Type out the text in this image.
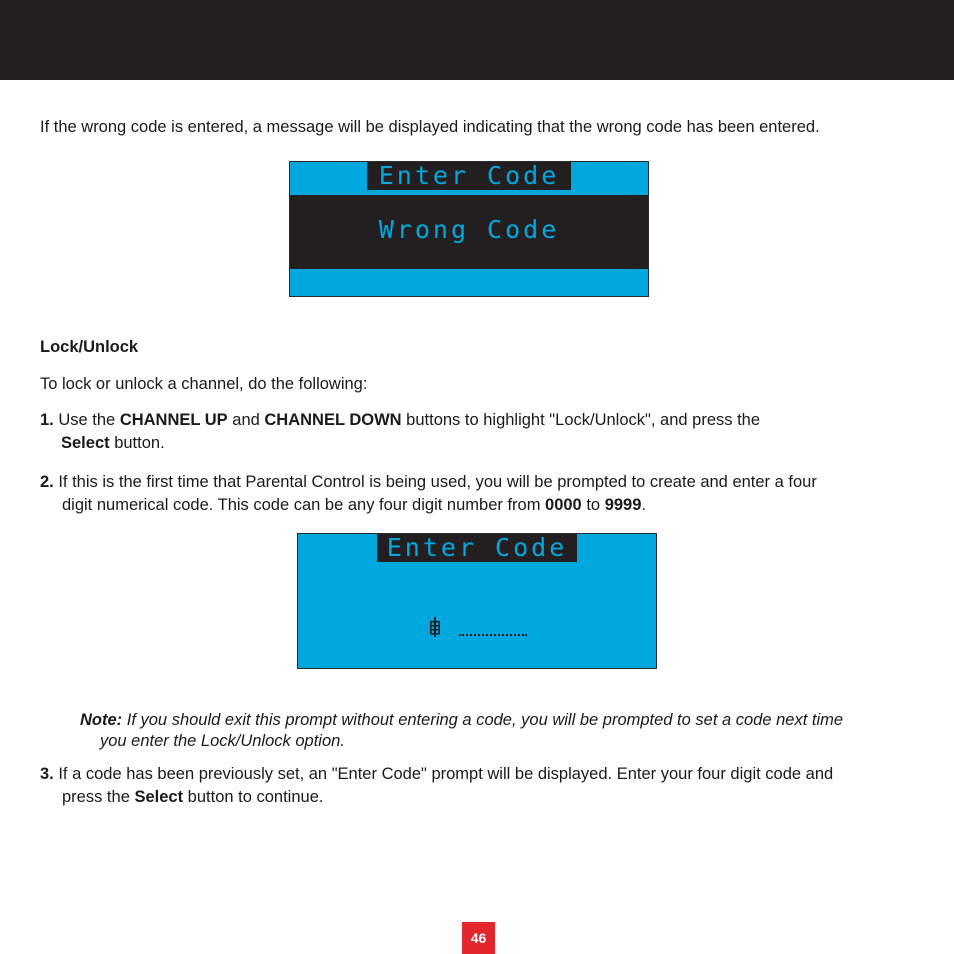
If the wrong code is entered, a message will be displayed indicating that the wrong code has been entered.

Enter Code
Wrong Code

Lock/Unlock

To lock or unlock a channel, do the following:

1. Use the CHANNEL UP and CHANNEL DOWN buttons to highlight "Lock/Unlock", and press the

Select button.

2. If this is the first time that Parental Control is being used, you will be prompted to create and enter a four

digit numerical code. This code can be any four digit number from 0000 to 9999.

Enter Code

Note: If you should exit this prompt without entering a code, you will be prompted to set a code next time

you enter the Lock/Unlock option.

3. If a code has been previously set, an "Enter Code" prompt will be displayed. Enter your four digit code and

press the Select button to continue.

46
